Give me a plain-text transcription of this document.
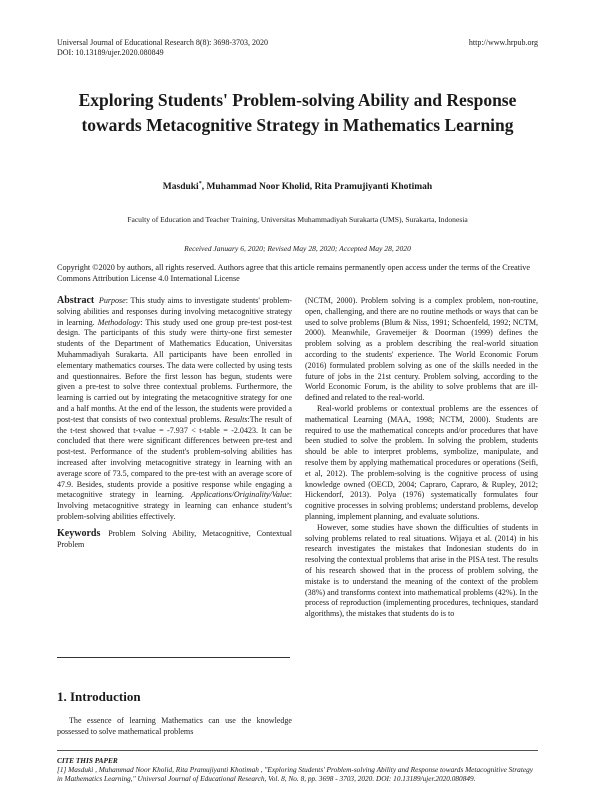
Universal Journal of Educational Research 8(8): 3698-3703, 2020	http://www.hrpub.org
DOI: 10.13189/ujer.2020.080849
Exploring Students' Problem-solving Ability and Response towards Metacognitive Strategy in Mathematics Learning
Masduki*, Muhammad Noor Kholid, Rita Pramujiyanti Khotimah
Faculty of Education and Teacher Training, Universitas Muhammadiyah Surakarta (UMS), Surakarta, Indonesia
Received January 6, 2020; Revised May 28, 2020; Accepted May 28, 2020
Copyright ©2020 by authors, all rights reserved. Authors agree that this article remains permanently open access under the terms of the Creative Commons Attribution License 4.0 International License

Abstract Purpose: This study aims to investigate students' problem-solving abilities and responses during involving metacognitive strategy in learning. Methodology: This study used one group pre-test post-test design. The participants of this study were thirty-one first semester students of the Department of Mathematics Education, Universitas Muhammadiyah Surakarta. All participants have been enrolled in elementary mathematics courses. The data were collected by using tests and questionnaires. Before the first lesson has begun, students were given a pre-test to solve three contextual problems. Furthermore, the learning is carried out by integrating the metacognitive strategy for one and a half months. At the end of the lesson, the students were provided a post-test that consists of two contextual problems. Results:The result of the t-test showed that t-value = -7.937 < t-table = -2.0423. It can be concluded that there were significant differences between pre-test and post-test. Performance of the student's problem-solving abilities has increased after involving metacognitive strategy in learning with an average score of 73.5, compared to the pre-test with an average score of 47.9. Besides, students provide a positive response while engaging a metacognitive strategy in learning. Applications/Originality/Value: Involving metacognitive strategy in learning can enhance student’s problem-solving abilities effectively.

Keywords Problem Solving Ability, Metacognitive, Contextual Problem

1. Introduction
The essence of learning Mathematics can use the knowledge possessed to solve mathematical problems

(NCTM, 2000). Problem solving is a complex problem, non-routine, open, challenging, and there are no routine methods or ways that can be used to solve problems (Blum & Niss, 1991; Schoenfeld, 1992; NCTM, 2000). Meanwhile, Gravemeijer & Doorman (1999) defines the problem solving as a problem describing the real-world situation according to the students' experience. The World Economic Forum (2016) formulated problem solving as one of the skills needed in the future of jobs in the 21st century. Problem solving, according to the World Economic Forum, is the ability to solve problems that are ill-defined and related to the real-world.

Real-world problems or contextual problems are the essences of mathematical Learning (MAA, 1998; NCTM, 2000). Students are required to use the mathematical concepts and/or procedures that have been studied to solve the problem. In solving the problem, students should be able to interpret problems, symbolize, manipulate, and resolve them by applying mathematical procedures or operations (Seifi, et al, 2012). The problem-solving is the cognitive process of using knowledge owned (OECD, 2004; Capraro, Capraro, & Rupley, 2012; Hickendorf, 2013). Polya (1976) systematically formulates four cognitive processes in solving problems; understand problems, develop planning, implement planning, and evaluate solutions.

However, some studies have shown the difficulties of students in solving problems related to real situations. Wijaya et al. (2014) in his research investigates the mistakes that Indonesian students do in resolving the contextual problems that arise in the PISA test. The results of his research showed that in the process of problem solving, the mistake is to understand the meaning of the context of the problem (38%) and transforms context into mathematical problems (42%). In the process of reproduction (implementing procedures, techniques, standard algorithms), the mistakes that students do is to

CITE THIS PAPER
[1] Masduki , Muhammad Noor Kholid, Rita Pramujiyanti Khotimah , "Exploring Students' Problem-solving Ability and Response towards Metacognitive Strategy in Mathematics Learning," Universal Journal of Educational Research, Vol. 8, No. 8, pp. 3698 - 3703, 2020. DOI: 10.13189/ujer.2020.080849.
